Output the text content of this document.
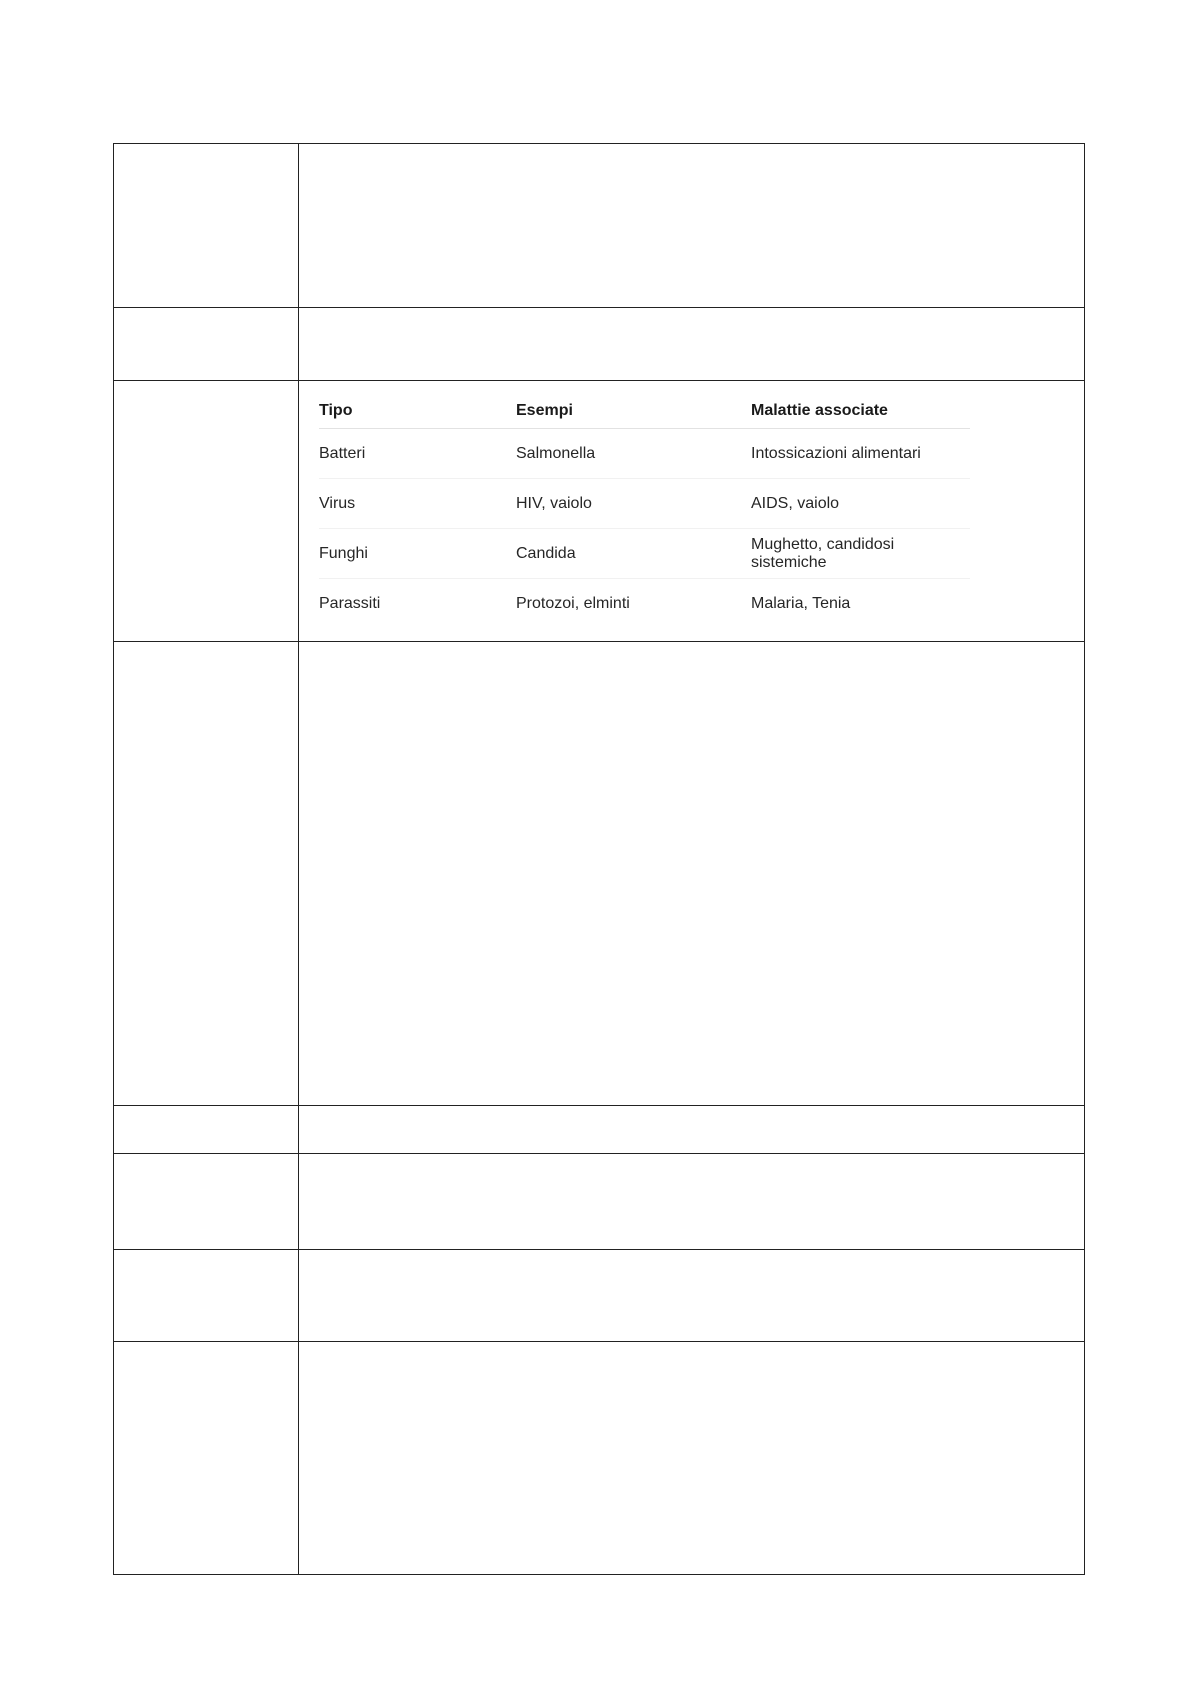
Tipo	Esempi	Malattie associate
Batteri	Salmonella	Intossicazioni alimentari
Virus	HIV, vaiolo	AIDS, vaiolo
Funghi	Candida	Mughetto, candidosi sistemiche
Parassiti	Protozoi, elminti	Malaria, Tenia
